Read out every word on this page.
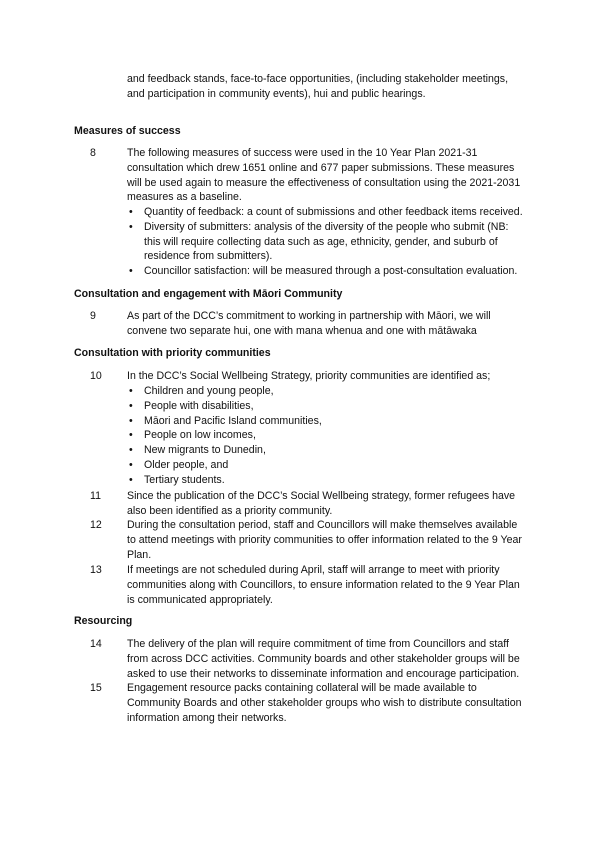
and feedback stands, face-to-face opportunities, (including stakeholder meetings, and participation in community events), hui and public hearings.

Measures of success

8	The following measures of success were used in the 10 Year Plan 2021-31 consultation which drew 1651 online and 677 paper submissions. These measures will be used again to measure the effectiveness of consultation using the 2021-2031 measures as a baseline.
• Quantity of feedback: a count of submissions and other feedback items received.
• Diversity of submitters: analysis of the diversity of the people who submit (NB: this will require collecting data such as age, ethnicity, gender, and suburb of residence from submitters).
• Councillor satisfaction: will be measured through a post-consultation evaluation.

Consultation and engagement with Māori Community

9	As part of the DCC’s commitment to working in partnership with Māori, we will convene two separate hui, one with mana whenua and one with mātāwaka

Consultation with priority communities

10	In the DCC’s Social Wellbeing Strategy, priority communities are identified as;
• Children and young people,
• People with disabilities,
• Māori and Pacific Island communities,
• People on low incomes,
• New migrants to Dunedin,
• Older people, and
• Tertiary students.
11	Since the publication of the DCC’s Social Wellbeing strategy, former refugees have also been identified as a priority community.
12	During the consultation period, staff and Councillors will make themselves available to attend meetings with priority communities to offer information related to the 9 Year Plan.
13	If meetings are not scheduled during April, staff will arrange to meet with priority communities along with Councillors, to ensure information related to the 9 Year Plan is communicated appropriately.

Resourcing

14	The delivery of the plan will require commitment of time from Councillors and staff from across DCC activities. Community boards and other stakeholder groups will be asked to use their networks to disseminate information and encourage participation.
15	Engagement resource packs containing collateral will be made available to Community Boards and other stakeholder groups who wish to distribute consultation information among their networks.
